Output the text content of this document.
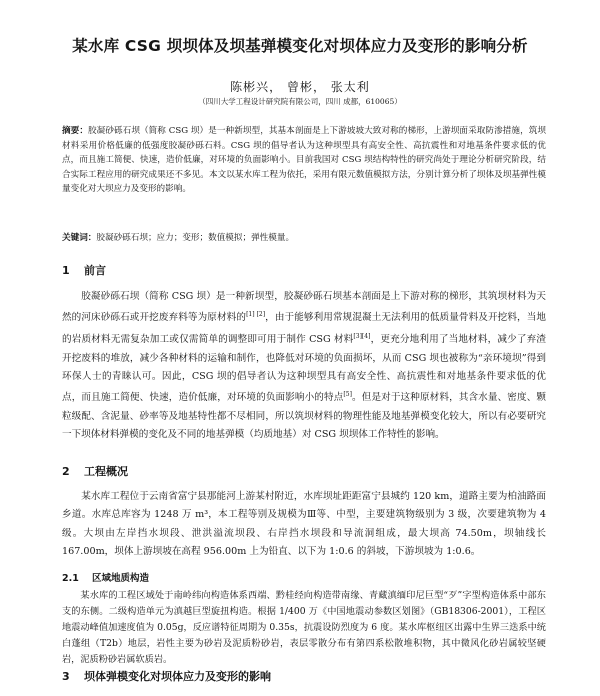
某水库 CSG 坝坝体及坝基弹模变化对坝体应力及变形的影响分析

陈彬兴， 曾彬， 张太利

（四川大学工程设计研究院有限公司，四川 成都，610065）

摘要：胶凝砂砾石坝（简称 CSG 坝）是一种新坝型，其基本剖面是上下游坡坡大致对称的梯形，上游坝面采取防渗措施，筑坝材料采用价格低廉的低强度胶凝砂砾石料。CSG 坝的倡导者认为这种坝型具有高安全性、高抗震性和对地基条件要求低的优点，而且施工简便、快速，造价低廉，对环境的负面影响小。目前我国对 CSG 坝结构特性的研究尚处于理论分析研究阶段，结合实际工程应用的研究成果还不多见。本文以某水库工程为依托，采用有限元数值模拟方法，分别计算分析了坝体及坝基弹性模量变化对大坝应力及变形的影响。

关键词：胶凝砂砾石坝；应力；变形；数值模拟；弹性模量。

1 前言

胶凝砂砾石坝（简称 CSG 坝）是一种新坝型，胶凝砂砾石坝基本剖面是上下游对称的梯形，其筑坝材料为天然的河床砂砾石或开挖废弃料等为原材料的[1] [2]，由于能够利用常规混凝土无法利用的低质量骨料及开挖料，当地的岩质材料无需复杂加工或仅需简单的调整即可用于制作 CSG 材料[3][4]，更充分地利用了当地材料，减少了弃渣开挖废料的堆放，减少各种材料的运输和制作，也降低对环境的负面损坏，从而 CSG 坝也被称为“亲环境坝”得到环保人士的青睐认可。因此，CSG 坝的倡导者认为这种坝型具有高安全性、高抗震性和对地基条件要求低的优点，而且施工简便、快速，造价低廉，对环境的负面影响小的特点[5]。但是对于这种原材料，其含水量、密度、颗粒级配、含泥量、砂率等及地基特性都不尽相同，所以筑坝材料的物理性能及地基弹模变化较大，所以有必要研究一下坝体材料弹模的变化及不同的地基弹模（均质地基）对 CSG 坝坝体工作特性的影响。

2 工程概况

某水库工程位于云南省富宁县那能河上游某村附近，水库坝址距距富宁县城约 120 km，道路主要为柏油路面乡道。水库总库容为 1248 万 m³，本工程等别及规模为Ⅲ等、中型，主要建筑物级别为 3 级，次要建筑物为 4 级。大坝由左岸挡水坝段、泄洪溢流坝段、右岸挡水坝段和导流洞组成，最大坝高 74.50m，坝轴线长 167.00m，坝体上游坝坡在高程 956.00m 上为铅直、以下为 1:0.6 的斜坡，下游坝坡为 1:0.6。

2.1 区域地质构造

某水库的工程区域处于南岭纬向构造体系西端、黔桂经向构造带南缘、青藏滇缅印尼巨型“歹”字型构造体系中部东支的东侧。二级构造单元为滇越巨型旋扭构造。根据 1/400 万《中国地震动参数区划图》（GB18306-2001），工程区地震动峰值加速度值为 0.05g，反应谱特征周期为 0.35s，抗震设防烈度为 6 度。某水库枢纽区出露中生界三迭系中统白蓬组（T2b）地层，岩性主要为砂岩及泥质粉砂岩，表层零散分布有第四系松散堆积物，其中微风化砂岩属较坚硬岩，泥质粉砂岩属软质岩。

3 坝体弹模变化对坝体应力及变形的影响
